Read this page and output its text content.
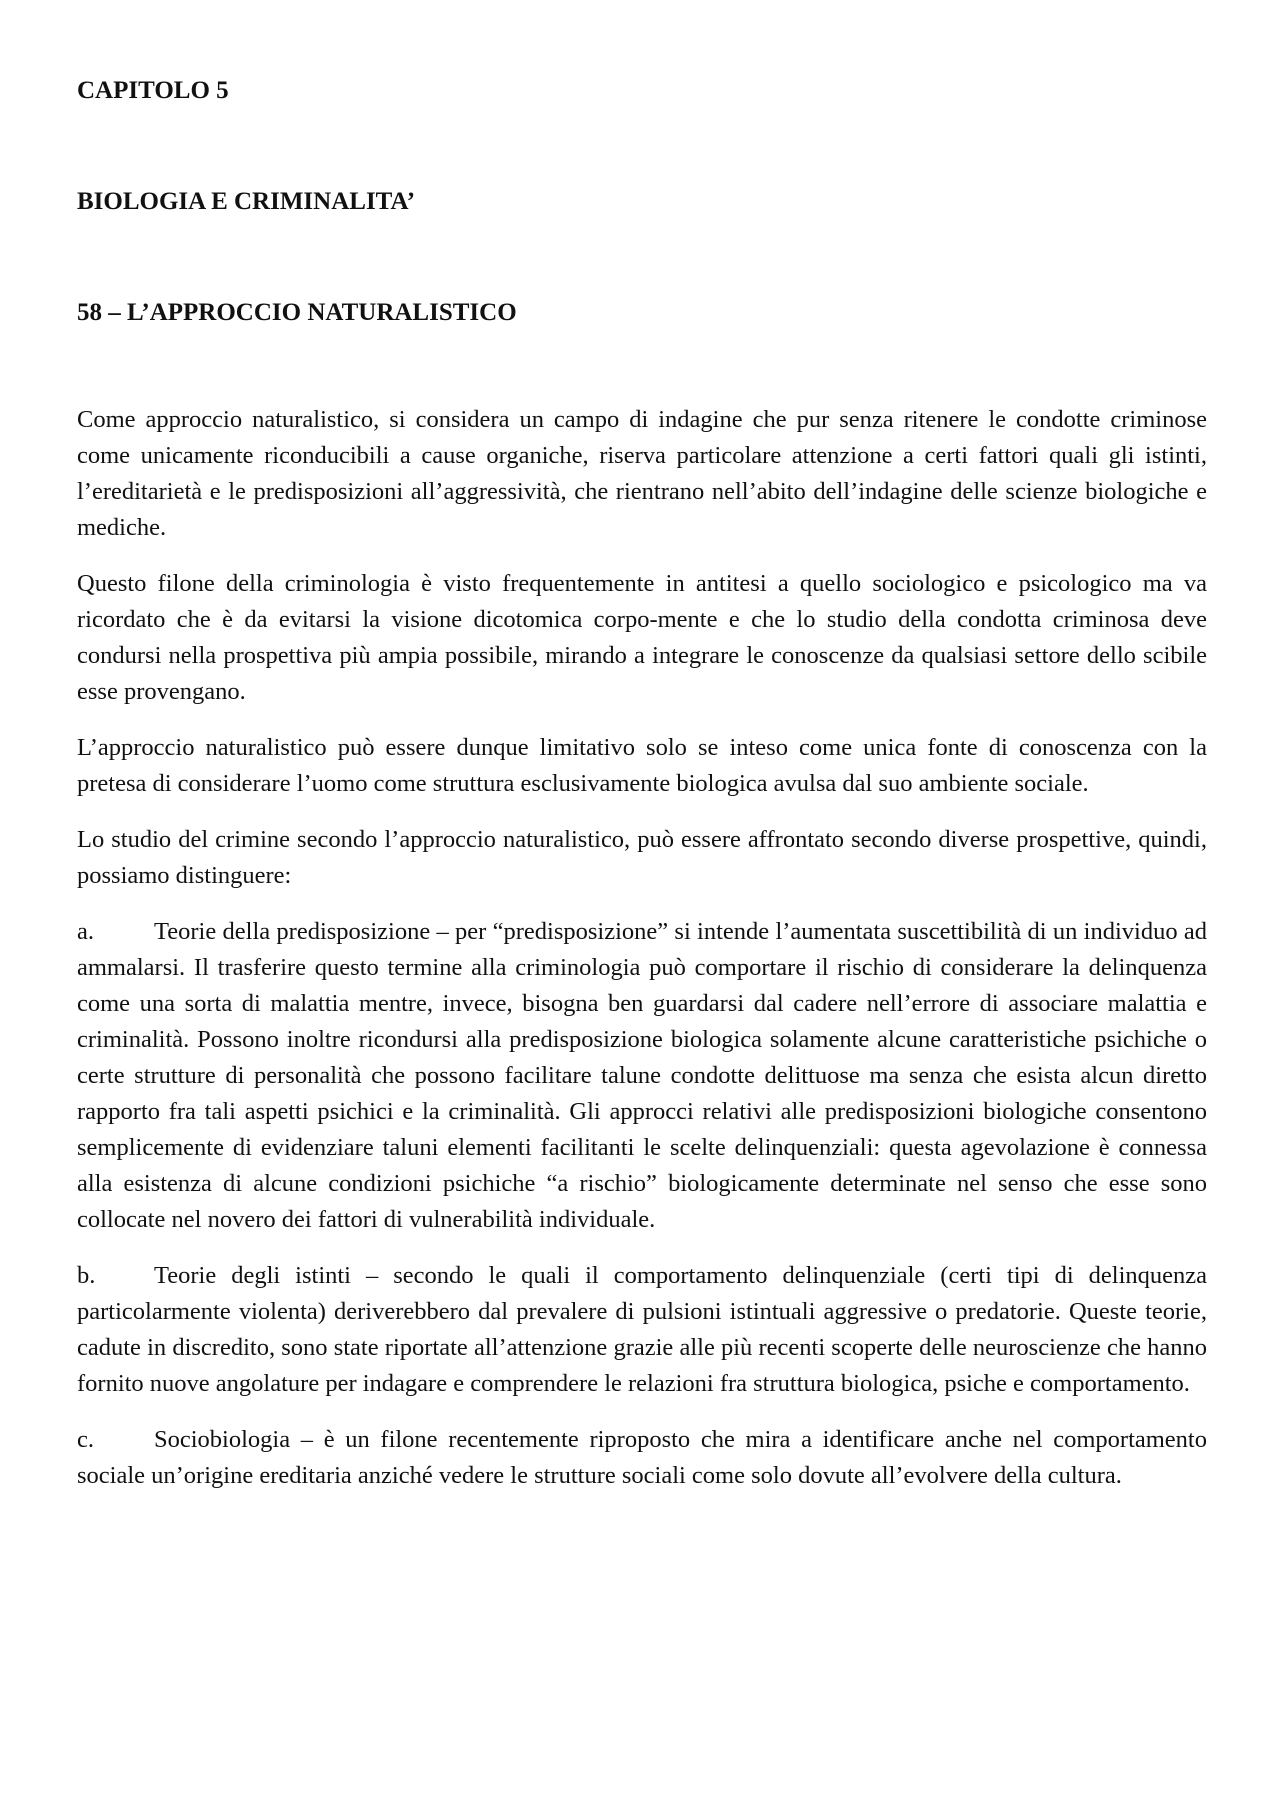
CAPITOLO 5
BIOLOGIA E CRIMINALITA’
58 – L’APPROCCIO NATURALISTICO

Come approccio naturalistico, si considera un campo di indagine che pur senza ritenere le condotte criminose come unicamente riconducibili a cause organiche, riserva particolare attenzione a certi fattori quali gli istinti, l’ereditarietà e le predisposizioni all’aggressività, che rientrano nell’abito dell’indagine delle scienze biologiche e mediche.

Questo filone della criminologia è visto frequentemente in antitesi a quello sociologico e psicologico ma va ricordato che è da evitarsi la visione dicotomica corpo-mente e che lo studio della condotta criminosa deve condursi nella prospettiva più ampia possibile, mirando a integrare le conoscenze da qualsiasi settore dello scibile esse provengano.

L’approccio naturalistico può essere dunque limitativo solo se inteso come unica fonte di conoscenza con la pretesa di considerare l’uomo come struttura esclusivamente biologica avulsa dal suo ambiente sociale.

Lo studio del crimine secondo l’approccio naturalistico, può essere affrontato secondo diverse prospettive, quindi, possiamo distinguere:

a. Teorie della predisposizione – per “predisposizione” si intende l’aumentata suscettibilità di un individuo ad ammalarsi. Il trasferire questo termine alla criminologia può comportare il rischio di considerare la delinquenza come una sorta di malattia mentre, invece, bisogna ben guardarsi dal cadere nell’errore di associare malattia e criminalità. Possono inoltre ricondursi alla predisposizione biologica solamente alcune caratteristiche psichiche o certe strutture di personalità che possono facilitare talune condotte delittuose ma senza che esista alcun diretto rapporto fra tali aspetti psichici e la criminalità. Gli approcci relativi alle predisposizioni biologiche consentono semplicemente di evidenziare taluni elementi facilitanti le scelte delinquenziali: questa agevolazione è connessa alla esistenza di alcune condizioni psichiche “a rischio” biologicamente determinate nel senso che esse sono collocate nel novero dei fattori di vulnerabilità individuale.

b. Teorie degli istinti – secondo le quali il comportamento delinquenziale (certi tipi di delinquenza particolarmente violenta) deriverebbero dal prevalere di pulsioni istintuali aggressive o predatorie. Queste teorie, cadute in discredito, sono state riportate all’attenzione grazie alle più recenti scoperte delle neuroscienze che hanno fornito nuove angolature per indagare e comprendere le relazioni fra struttura biologica, psiche e comportamento.

c. Sociobiologia – è un filone recentemente riproposto che mira a identificare anche nel comportamento sociale un’origine ereditaria anziché vedere le strutture sociali come solo dovute all’evolvere della cultura.
